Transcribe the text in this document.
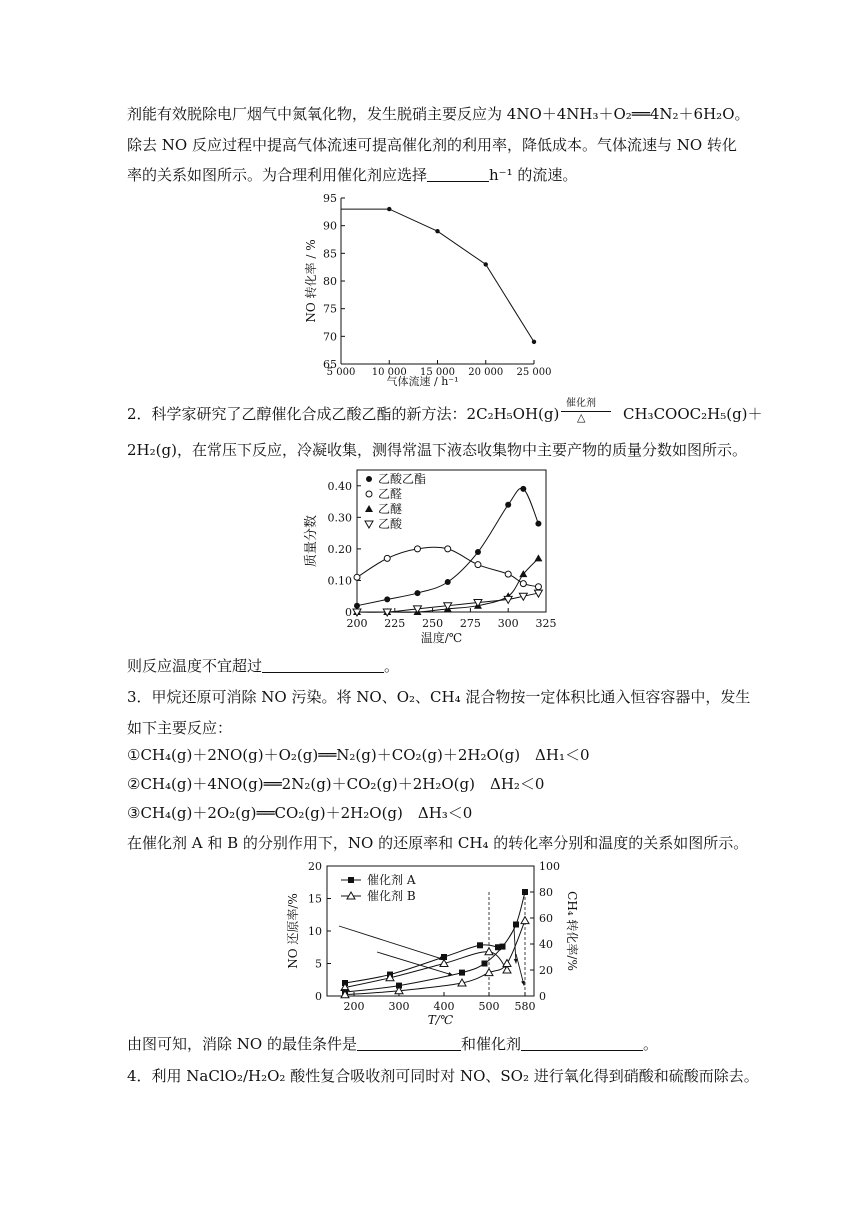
剂能有效脱除电厂烟气中氮氧化物，发生脱硝主要反应为 4NO＋4NH₃＋O₂══4N₂＋6H₂O。
除去 NO 反应过程中提高气体流速可提高催化剂的利用率，降低成本。气体流速与 NO 转化
率的关系如图所示。为合理利用催化剂应选择	h⁻¹ 的流速。
65
70
75
80
85
90
95
5 000 10 000 15 000 20 000 25 000
气体流速 / h⁻¹
NO 转化率 / %
2．科学家研究了乙醇催化合成乙酸乙酯的新方法：2C₂H₅OH(g)
催化剂
△	CH₃COOC₂H₅(g)＋
2H₂(g)，在常压下反应，冷凝收集，测得常温下液态收集物中主要产物的质量分数如图所示。
0
0.10
0.20
0.30
0.40
200 225 250 275 300 325
温度/℃
质量分数
乙酸乙酯
乙醛
乙醚
乙酸
则反应温度不宜超过	。
3．甲烷还原可消除 NO 污染。将 NO、O₂、CH₄ 混合物按一定体积比通入恒容容器中，发生
如下主要反应：
①CH₄(g)＋2NO(g)＋O₂(g)══N₂(g)＋CO₂(g)＋2H₂O(g)　ΔH₁＜0
②CH₄(g)＋4NO(g)══2N₂(g)＋CO₂(g)＋2H₂O(g)　ΔH₂＜0
③CH₄(g)＋2O₂(g)══CO₂(g)＋2H₂O(g)　ΔH₃＜0
在催化剂 A 和 B 的分别作用下，NO 的还原率和 CH₄ 的转化率分别和温度的关系如图所示。
0
5
10
15
20
0
20
40
60
80
100
200 300 400 500 580
T/℃
NO 还原率/%	CH₄ 转化率/%
催化剂 A
催化剂 B
由图可知，消除 NO 的最佳条件是	和催化剂	。
4．利用 NaClO₂/H₂O₂ 酸性复合吸收剂可同时对 NO、SO₂ 进行氧化得到硝酸和硫酸而除去。
